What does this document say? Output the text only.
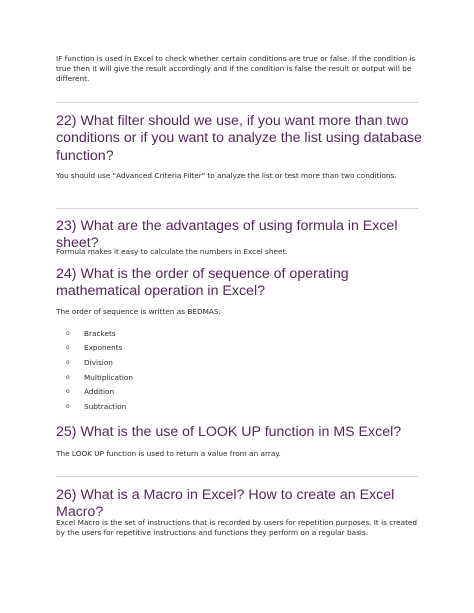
IF function is used in Excel to check whether certain conditions are true or false. If the condition is true then it will give the result accordingly and if the condition is false the result or output will be different.

22) What filter should we use, if you want more than two conditions or if you want to analyze the list using database function?

You should use "Advanced Criteria Filter" to analyze the list or test more than two conditions.

23) What are the advantages of using formula in Excel sheet?

Formula makes it easy to calculate the numbers in Excel sheet.

24) What is the order of sequence of operating mathematical operation in Excel?

The order of sequence is written as BEDMAS:

o	Brackets
o	Exponents
o	Division
o	Multiplication
o	Addition
o	Subtraction
25) What is the use of LOOK UP function in MS Excel?

The LOOK UP function is used to return a value from an array.

26) What is a Macro in Excel? How to create an Excel Macro?

Excel Macro is the set of instructions that is recorded by users for repetition purposes. It is created by the users for repetitive instructions and functions they perform on a regular basis.
